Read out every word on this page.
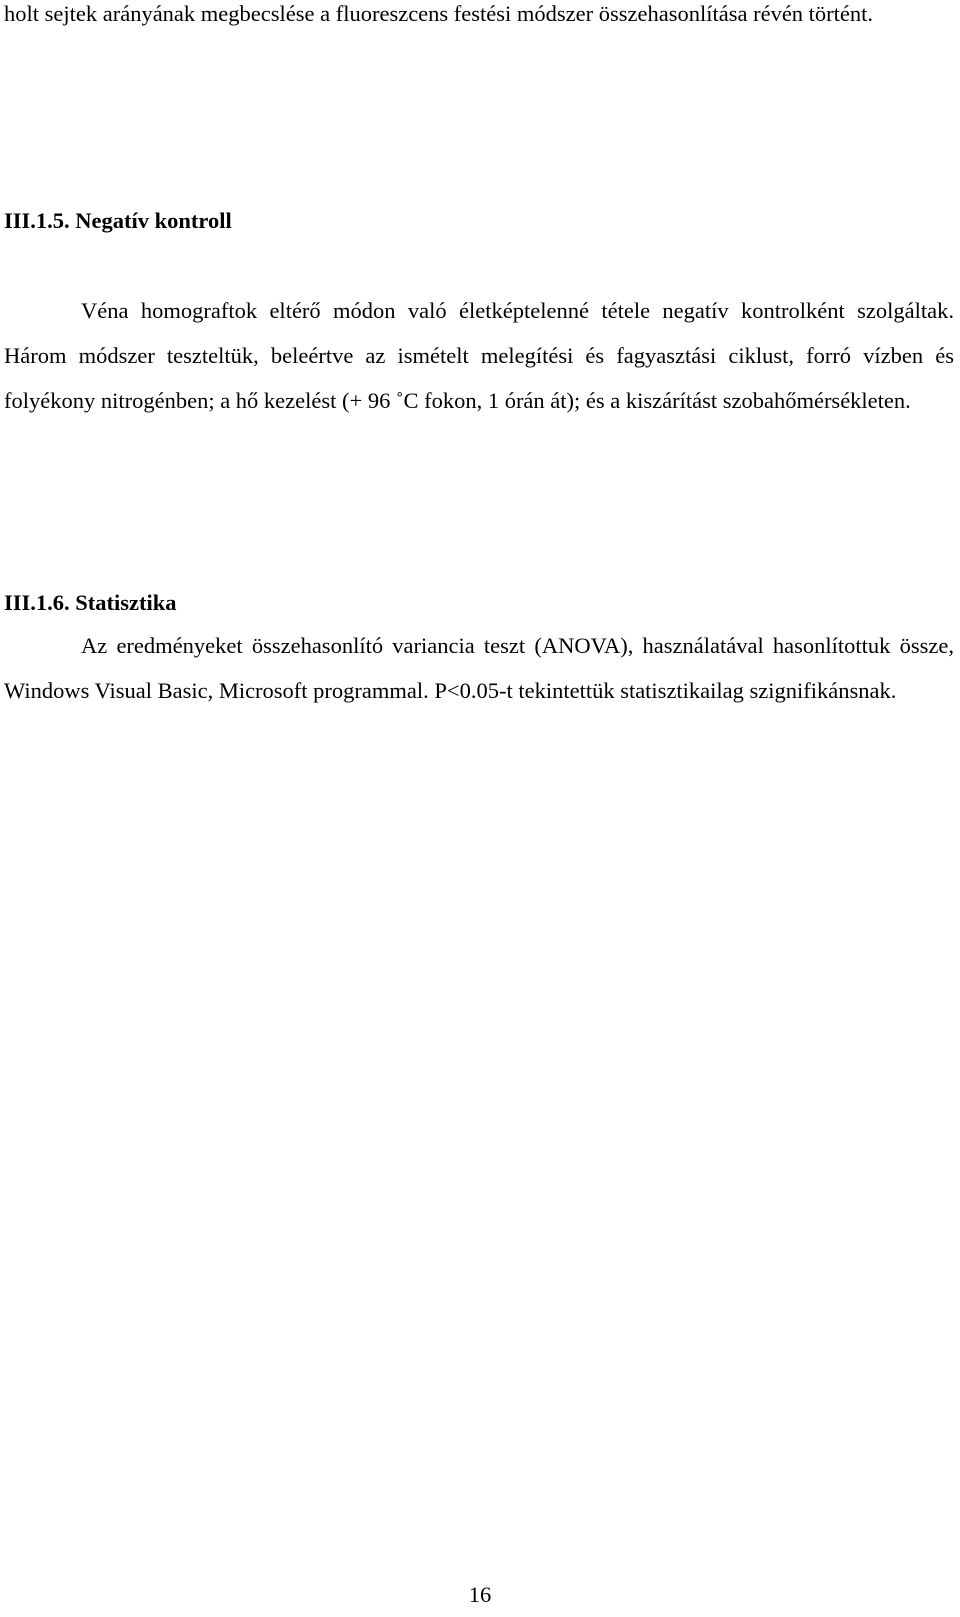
holt sejtek arányának megbecslése a fluoreszcens festési módszer összehasonlítása révén történt.

III.1.5. Negatív kontroll

Véna homograftok eltérő módon való életképtelenné tétele negatív kontrolként szolgáltak. Három módszer teszteltük, beleértve az ismételt melegítési és fagyasztási ciklust, forró vízben és folyékony nitrogénben; a hő kezelést (+ 96 ˚C fokon, 1 órán át); és a kiszárítást szobahőmérsékleten.

III.1.6. Statisztika

Az eredményeket összehasonlító variancia teszt (ANOVA), használatával hasonlítottuk össze, Windows Visual Basic, Microsoft programmal. P<0.05-t tekintettük statisztikailag szignifikánsnak.

16
